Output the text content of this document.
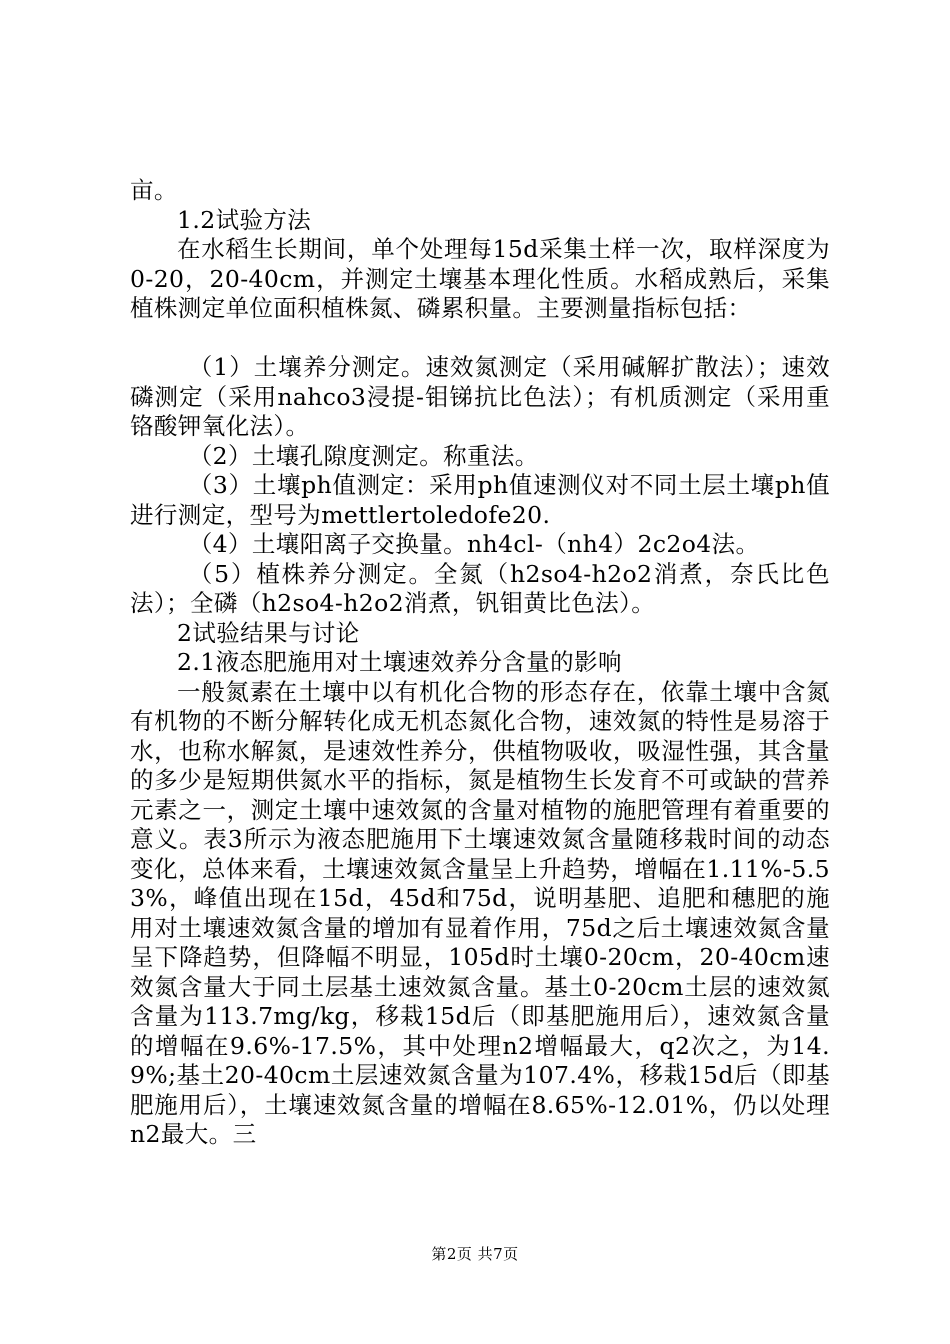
亩。

1.2试验方法

在水稻生长期间，单个处理每15d采集土样一次，取样深度为0-20，20-40cm，并测定土壤基本理化性质。水稻成熟后，采集植株测定单位面积植株氮、磷累积量。主要测量指标包括：

（1）土壤养分测定。速效氮测定（采用碱解扩散法）；速效磷测定（采用nahco3浸提-钼锑抗比色法）；有机质测定（采用重铬酸钾氧化法）。

（2）土壤孔隙度测定。称重法。

（3）土壤ph值测定：采用ph值速测仪对不同土层土壤ph值进行测定，型号为mettlertoledofe20.

（4）土壤阳离子交换量。nh4cl-（nh4）2c2o4法。

（5）植株养分测定。全氮（h2so4-h2o2消煮，奈氏比色法）；全磷（h2so4-h2o2消煮，钒钼黄比色法）。

2试验结果与讨论

2.1液态肥施用对土壤速效养分含量的影响

一般氮素在土壤中以有机化合物的形态存在，依靠土壤中含氮有机物的不断分解转化成无机态氮化合物，速效氮的特性是易溶于水，也称水解氮，是速效性养分，供植物吸收，吸湿性强，其含量的多少是短期供氮水平的指标，氮是植物生长发育不可或缺的营养元素之一，测定土壤中速效氮的含量对植物的施肥管理有着重要的意义。表3所示为液态肥施用下土壤速效氮含量随移栽时间的动态变化，总体来看，土壤速效氮含量呈上升趋势，增幅在1.11%-5.53%，峰值出现在15d，45d和75d，说明基肥、追肥和穗肥的施用对土壤速效氮含量的增加有显着作用，75d之后土壤速效氮含量呈下降趋势，但降幅不明显，105d时土壤0-20cm，20-40cm速效氮含量大于同土层基土速效氮含量。基土0-20cm土层的速效氮含量为113.7mg/kg，移栽15d后（即基肥施用后），速效氮含量的增幅在9.6%-17.5%，其中处理n2增幅最大，q2次之，为14.9%;基土20-40cm土层速效氮含量为107.4%，移栽15d后（即基肥施用后），土壤速效氮含量的增幅在8.65%-12.01%，仍以处理n2最大。三

第2页 共7页
